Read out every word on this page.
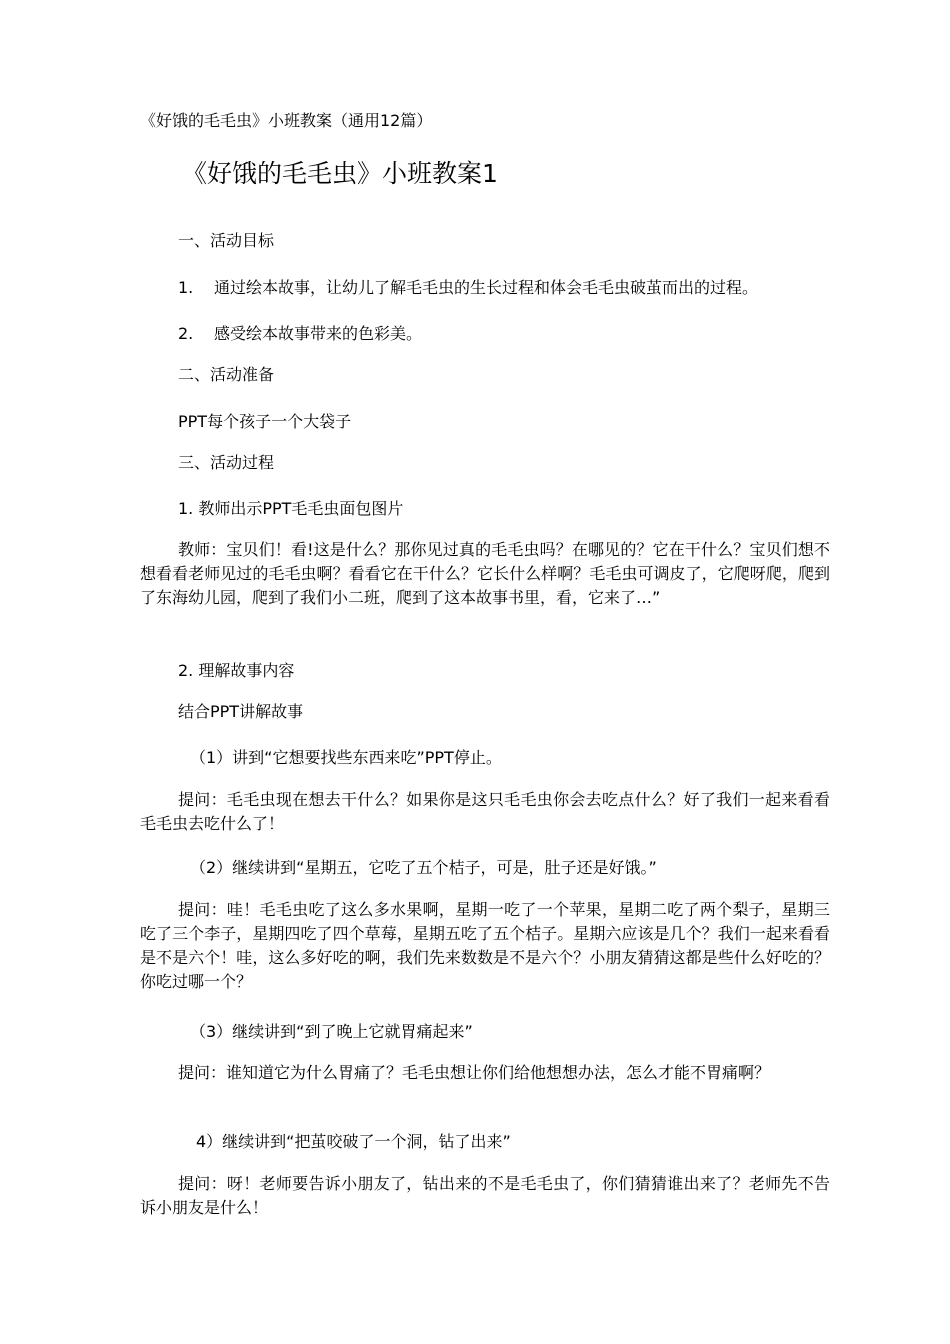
《好饿的毛毛虫》小班教案（通用12篇）
《好饿的毛毛虫》小班教案1
一、活动目标
1. 通过绘本故事，让幼儿了解毛毛虫的生长过程和体会毛毛虫破茧而出的过程。
2. 感受绘本故事带来的色彩美。
二、活动准备
PPT每个孩子一个大袋子
三、活动过程
1. 教师出示PPT毛毛虫面包图片
教师：宝贝们！看!这是什么？那你见过真的毛毛虫吗？在哪见的？它在干什么？宝贝们想不想看看老师见过的毛毛虫啊？看看它在干什么？它长什么样啊？毛毛虫可调皮了，它爬呀爬，爬到了东海幼儿园，爬到了我们小二班，爬到了这本故事书里，看，它来了…”
2. 理解故事内容
结合PPT讲解故事
（1）讲到“它想要找些东西来吃”PPT停止。
提问：毛毛虫现在想去干什么？如果你是这只毛毛虫你会去吃点什么？好了我们一起来看看毛毛虫去吃什么了！
（2）继续讲到“星期五，它吃了五个桔子，可是，肚子还是好饿。”
提问：哇！毛毛虫吃了这么多水果啊，星期一吃了一个苹果，星期二吃了两个梨子，星期三吃了三个李子，星期四吃了四个草莓，星期五吃了五个桔子。星期六应该是几个？我们一起来看看是不是六个！哇，这么多好吃的啊，我们先来数数是不是六个？小朋友猜猜这都是些什么好吃的？你吃过哪一个？
（3）继续讲到“到了晚上它就胃痛起来”
提问：谁知道它为什么胃痛了？毛毛虫想让你们给他想想办法，怎么才能不胃痛啊？
4）继续讲到“把茧咬破了一个洞，钻了出来”
提问：呀！老师要告诉小朋友了，钻出来的不是毛毛虫了，你们猜猜谁出来了？老师先不告诉小朋友是什么！
